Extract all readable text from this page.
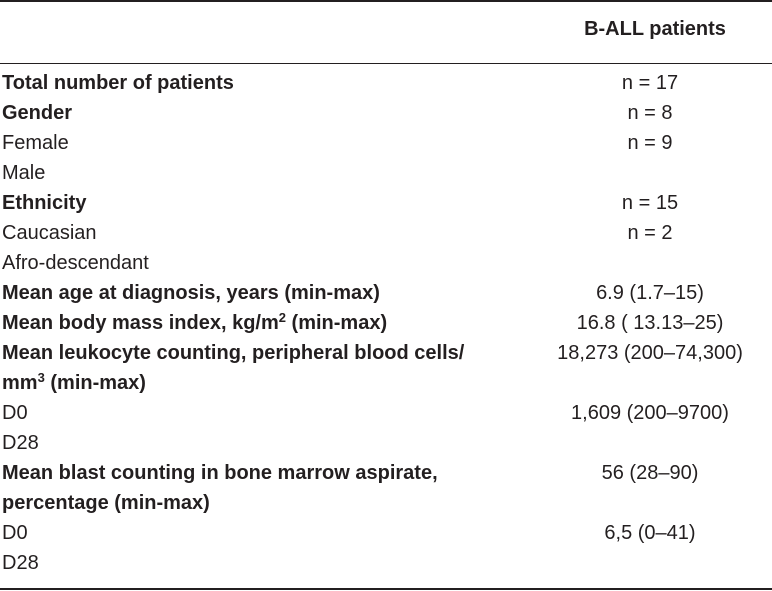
B-ALL patients
Total number of patients	n = 17
Gender	n = 8
Female	n = 9
Male
Ethnicity	n = 15
Caucasian	n = 2
Afro-descendant
Mean age at diagnosis, years (min-max)	6.9 (1.7–15)
Mean body mass index, $kg/m^2$ (min-max)	16.8 ( 13.13–25)
Mean leukocyte counting, peripheral blood cells/	18,273 (200–74,300)
$mm^3$ (min-max)
D0	1,609 (200–9700)
D28
Mean blast counting in bone marrow aspirate,	56 (28–90)
percentage (min-max)
D0	6,5 (0–41)
D28
